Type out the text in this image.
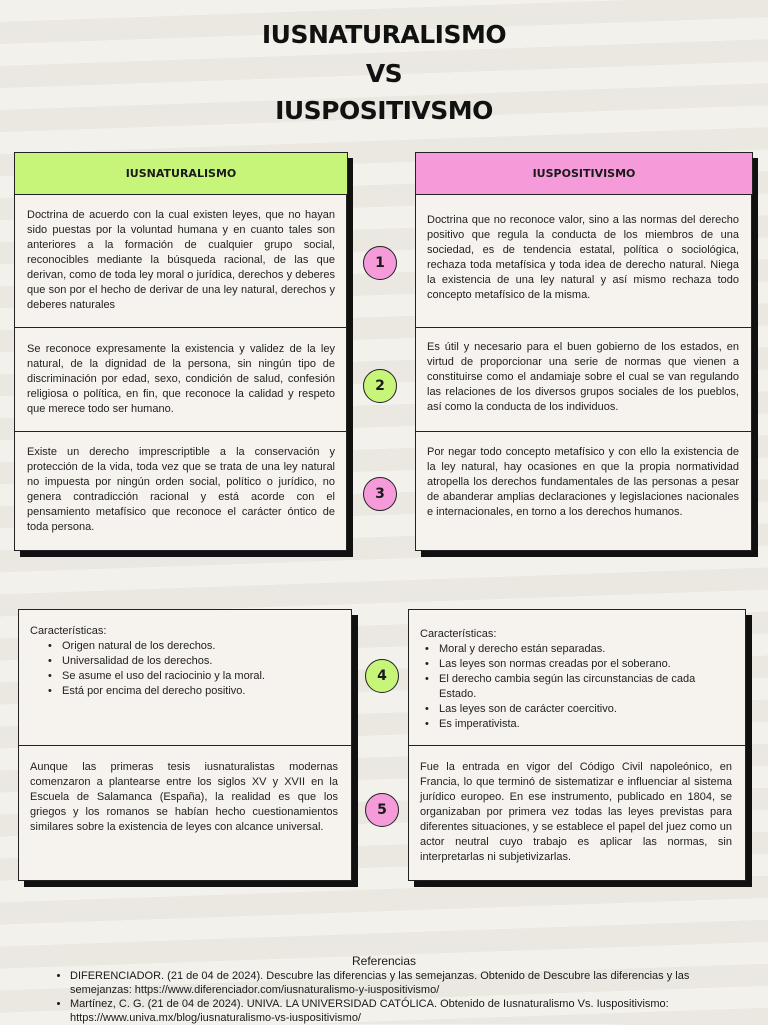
IUSNATURALISMO
VS
IUSPOSITIVSMO
IUSNATURALISMO
Doctrina de acuerdo con la cual existen leyes, que no hayan sido puestas por la voluntad humana y en cuanto tales son anteriores a la formación de cualquier grupo social, reconocibles mediante la búsqueda racional, de las que derivan, como de toda ley moral o jurídica, derechos y deberes que son por el hecho de derivar de una ley natural, derechos y deberes naturales
Se reconoce expresamente la existencia y validez de la ley natural, de la dignidad de la persona, sin ningún tipo de discriminación por edad, sexo, condición de salud, confesión religiosa o política, en fin, que reconoce la calidad y respeto que merece todo ser humano.
Existe un derecho imprescriptible a la conservación y protección de la vida, toda vez que se trata de una ley natural no impuesta por ningún orden social, político o jurídico, no genera contradicción racional y está acorde con el pensamiento metafísico que reconoce el carácter óntico de toda persona.
IUSPOSITIVISMO
Doctrina que no reconoce valor, sino a las normas del derecho positivo que regula la conducta de los miembros de una sociedad, es de tendencia estatal, política o sociológica, rechaza toda metafísica y toda idea de derecho natural. Niega la existencia de una ley natural y así mismo rechaza todo concepto metafísico de la misma.
Es útil y necesario para el buen gobierno de los estados, en virtud de proporcionar una serie de normas que vienen a constituirse como el andamiaje sobre el cual se van regulando las relaciones de los diversos grupos sociales de los pueblos, así como la conducta de los individuos.
Por negar todo concepto metafísico y con ello la existencia de la ley natural, hay ocasiones en que la propia normatividad atropella los derechos fundamentales de las personas a pesar de abanderar amplias declaraciones y legislaciones nacionales e internacionales, en torno a los derechos humanos.
1
2
3
Características:
• Origen natural de los derechos.
• Universalidad de los derechos.
• Se asume el uso del raciocinio y la moral.
• Está por encima del derecho positivo.
Aunque las primeras tesis iusnaturalistas modernas comenzaron a plantearse entre los siglos XV y XVII en la Escuela de Salamanca (España), la realidad es que los griegos y los romanos se habían hecho cuestionamientos similares sobre la existencia de leyes con alcance universal.
Características:
• Moral y derecho están separadas.
• Las leyes son normas creadas por el soberano.
• El derecho cambia según las circunstancias de cada Estado.
• Las leyes son de carácter coercitivo.
• Es imperativista.
Fue la entrada en vigor del Código Civil napoleónico, en Francia, lo que terminó de sistematizar e influenciar al sistema jurídico europeo. En ese instrumento, publicado en 1804, se organizaban por primera vez todas las leyes previstas para diferentes situaciones, y se establece el papel del juez como un actor neutral cuyo trabajo es aplicar las normas, sin interpretarlas ni subjetivizarlas.
4
5
Referencias
• DIFERENCIADOR. (21 de 04 de 2024). Descubre las diferencias y las semejanzas. Obtenido de Descubre las diferencias y las semejanzas: https://www.diferenciador.com/iusnaturalismo-y-iuspositivismo/
• Martínez, C. G. (21 de 04 de 2024). UNIVA. LA UNIVERSIDAD CATÓLICA. Obtenido de Iusnaturalismo Vs. Iuspositivismo: https://www.univa.mx/blog/iusnaturalismo-vs-iuspositivismo/
